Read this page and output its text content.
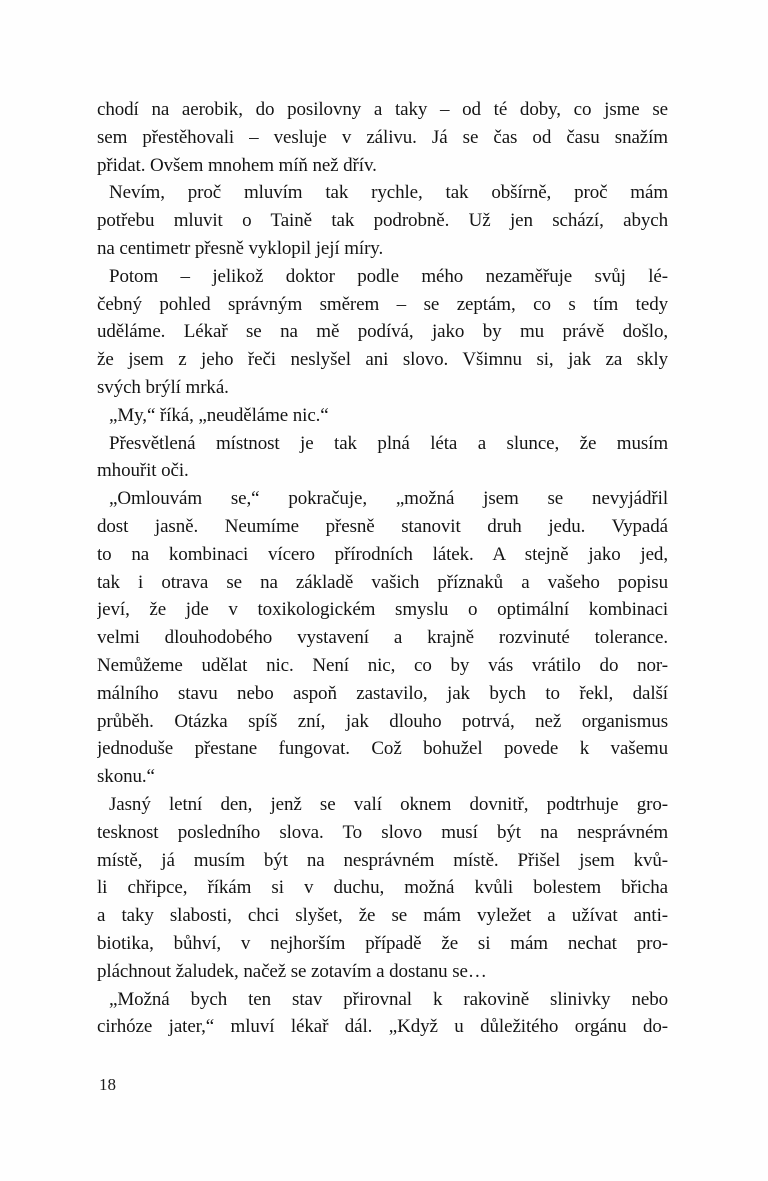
chodí na aerobik, do posilovny a taky – od té doby, co jsme se
sem přestěhovali – vesluje v zálivu. Já se čas od času snažím
přidat. Ovšem mnohem míň než dřív.
Nevím, proč mluvím tak rychle, tak obšírně, proč mám
potřebu mluvit o Taině tak podrobně. Už jen schází, abych
na centimetr přesně vyklopil její míry.
Potom – jelikož doktor podle mého nezaměřuje svůj lé-
čebný pohled správným směrem – se zeptám, co s tím tedy
uděláme. Lékař se na mě podívá, jako by mu právě došlo,
že jsem z jeho řeči neslyšel ani slovo. Všimnu si, jak za skly
svých brýlí mrká.
„My,“ říká, „neuděláme nic.“
Přesvětlená místnost je tak plná léta a slunce, že musím
mhouřit oči.
„Omlouvám se,“ pokračuje, „možná jsem se nevyjádřil
dost jasně. Neumíme přesně stanovit druh jedu. Vypadá
to na kombinaci vícero přírodních látek. A stejně jako jed,
tak i otrava se na základě vašich příznaků a vašeho popisu
jeví, že jde v toxikologickém smyslu o optimální kombinaci
velmi dlouhodobého vystavení a krajně rozvinuté tolerance.
Nemůžeme udělat nic. Není nic, co by vás vrátilo do nor-
málního stavu nebo aspoň zastavilo, jak bych to řekl, další
průběh. Otázka spíš zní, jak dlouho potrvá, než organismus
jednoduše přestane fungovat. Což bohužel povede k vašemu
skonu.“
Jasný letní den, jenž se valí oknem dovnitř, podtrhuje gro-
tesknost posledního slova. To slovo musí být na nesprávném
místě, já musím být na nesprávném místě. Přišel jsem kvů-
li chřipce, říkám si v duchu, možná kvůli bolestem břicha
a taky slabosti, chci slyšet, že se mám vyležet a užívat anti-
biotika, bůhví, v nejhorším případě že si mám nechat pro-
pláchnout žaludek, načež se zotavím a dostanu se…
„Možná bych ten stav přirovnal k rakovině slinivky nebo
cirhóze jater,“ mluví lékař dál. „Když u důležitého orgánu do-
18
